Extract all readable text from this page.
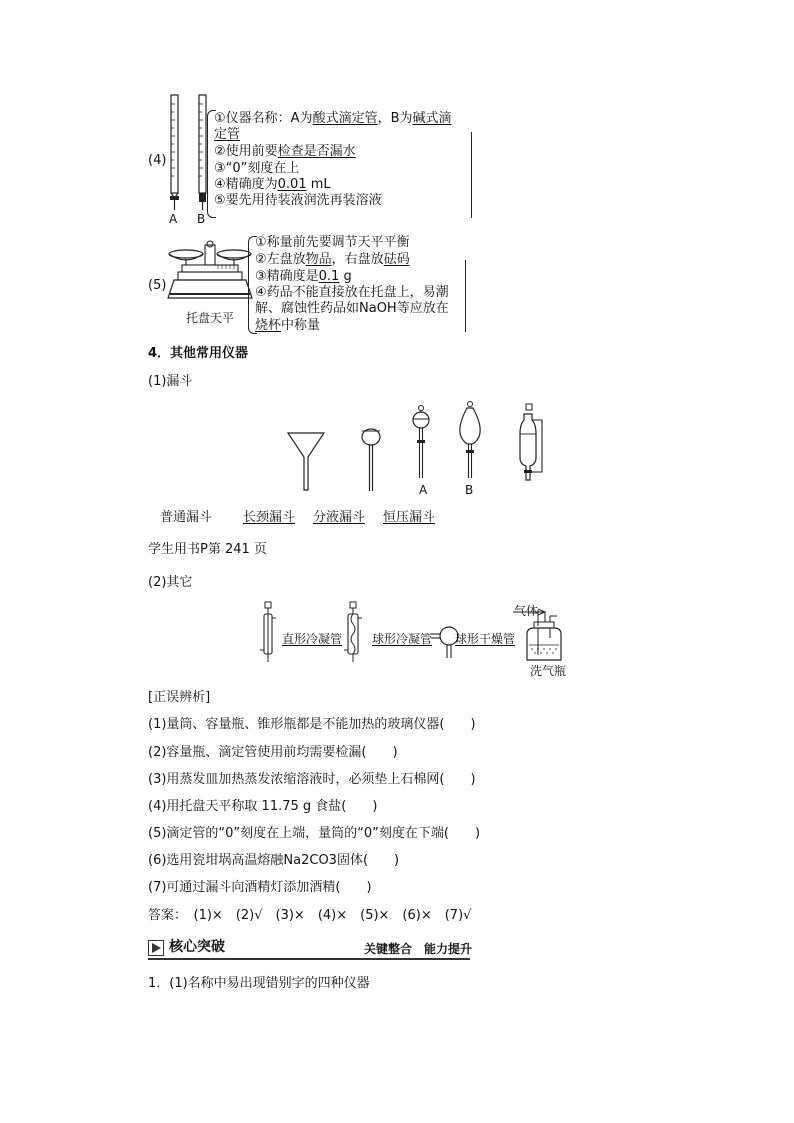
(4)
A B
①仪器名称：A为酸式滴定管，B为碱式滴
定管
②使用前要检查是否漏水
③“0”刻度在上
④精确度为0.01 mL
⑤要先用待装液润洗再装溶液
(5)
托盘天平
①称量前先要调节天平平衡
②左盘放物品，右盘放砝码
③精确度是0.1 g
④药品不能直接放在托盘上，易潮
解、腐蚀性药品如NaOH等应放在
烧杯中称量
4．其他常用仪器
(1)漏斗
A	B
普通漏斗 长颈漏斗 分液漏斗 恒压漏斗
学生用书P第 241 页
(2)其它
直形冷凝管 球形冷凝管 球形干燥管
气体
洗气瓶
[正误辨析]
(1)量筒、容量瓶、锥形瓶都是不能加热的玻璃仪器(　　)
(2)容量瓶、滴定管使用前均需要检漏(　　)
(3)用蒸发皿加热蒸发浓缩溶液时，必须垫上石棉网(　　)
(4)用托盘天平称取 11.75 g 食盐(　　)
(5)滴定管的“0”刻度在上端，量筒的“0”刻度在下端(　　)
(6)选用瓷坩埚高温熔融Na2CO3固体(　　)
(7)可通过漏斗向酒精灯添加酒精(　　)
答案：　(1)×　(2)√　(3)×　(4)×　(5)×　(6)×　(7)√
核心突破	关键整合　能力提升
1．(1)名称中易出现错别字的四种仪器
